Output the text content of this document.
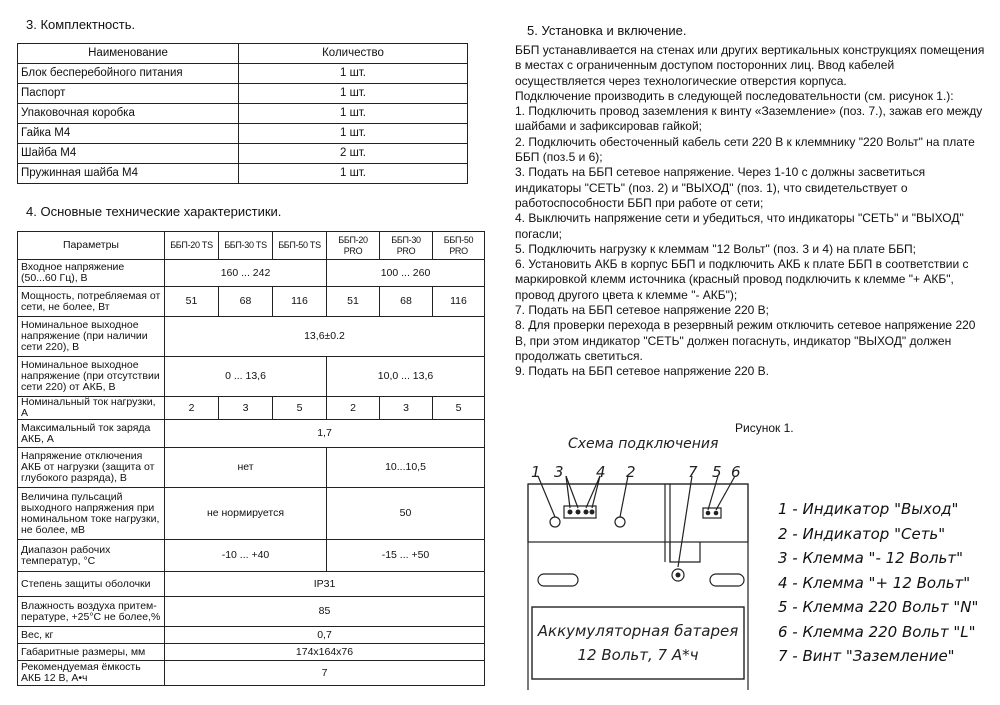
3. Комплектность.
Наименование	Количество
Блок бесперебойного питания	1 шт.
Паспорт	1 шт.
Упаковочная коробка	1 шт.
Гайка М4	1 шт.
Шайба М4	2 шт.
Пружинная шайба М4	1 шт.
4. Основные технические характеристики.
Параметры	ББП-20 TS	ББП-30 TS	ББП-50 TS	ББП-20 PRO	ББП-30 PRO	ББП-50 PRO
Входное напряжение (50...60 Гц), В	160 ... 242			100 ... 260		
Мощность, потребляемая от сети, не более, Вт	51	68	116	51	68	116
Номинальное выходное напряжение (при наличии сети 220), В	13,6±0.2					
Номинальное выходное напряжение (при отсутствии сети 220) от АКБ, В	0 ... 13,6			10,0 ... 13,6		
Номинальный ток нагрузки, А	2	3	5	2	3	5
Максимальный ток заряда АКБ, А	1,7					
Напряжение отключения АКБ от нагрузки (защита от глубокого разряда), В	нет			10...10,5		
Величина пульсаций выходного напряжения при номинальном токе нагрузки, не более, мВ	не нормируется			50		
Диапазон рабочих температур, °С	-10 ... +40			-15 ... +50		
Степень защиты оболочки	IP31					
Влажность воздуха притем-пературе, +25°С не более,%	85					
Вес, кг	0,7					
Габаритные размеры, мм	174x164x76					
Рекомендуемая ёмкость АКБ 12 В, А•ч	7					
5. Установка и включение.

ББП устанавливается на стенах или других вертикальных конструкциях помещения в местах с ограниченным доступом посторонних лиц. Ввод кабелей осуществляется через технологические отверстия корпуса.

Подключение производить в следующей последовательности (см. рисунок 1.):

1. Подключить провод заземления к винту «Заземление» (поз. 7.), зажав его между шайбами и зафиксировав гайкой;

2. Подключить обесточенный кабель сети 220 В к клеммнику "220 Вольт" на плате ББП (поз.5 и 6);

3. Подать на ББП сетевое напряжение. Через 1-10 с должны засветиться индикаторы "СЕТЬ" (поз. 2) и "ВЫХОД" (поз. 1), что свидетельствует о работоспособности ББП при работе от сети;

4. Выключить напряжение сети и убедиться, что индикаторы "СЕТЬ" и "ВЫХОД" погасли;

5. Подключить нагрузку к клеммам "12 Вольт" (поз. 3 и 4) на плате ББП;

6. Установить АКБ в корпус ББП и подключить АКБ к плате ББП в соответствии с маркировкой клемм источника (красный провод подключить к клемме "+ АКБ", провод другого цвета к клемме "- АКБ");

7. Подать на ББП сетевое напряжение 220 В;

8. Для проверки перехода в резервный режим отключить сетевое напряжение 220 В, при этом индикатор "СЕТЬ" должен погаснуть, индикатор "ВЫХОД" должен продолжать светиться.

9. Подать на ББП сетевое напряжение 220 В.

Рисунок 1.
Схема подключения
1 3 4 2	7 5 6
Аккумуляторная батарея
12 Вольт, 7 А*ч
1 - Индикатор "Выход"
2 - Индикатор "Сеть"
3 - Клемма "- 12 Вольт"
4 - Клемма "+ 12 Вольт"
5 - Клемма 220 Вольт "N"
6 - Клемма 220 Вольт "L"
7 - Винт "Заземление"
